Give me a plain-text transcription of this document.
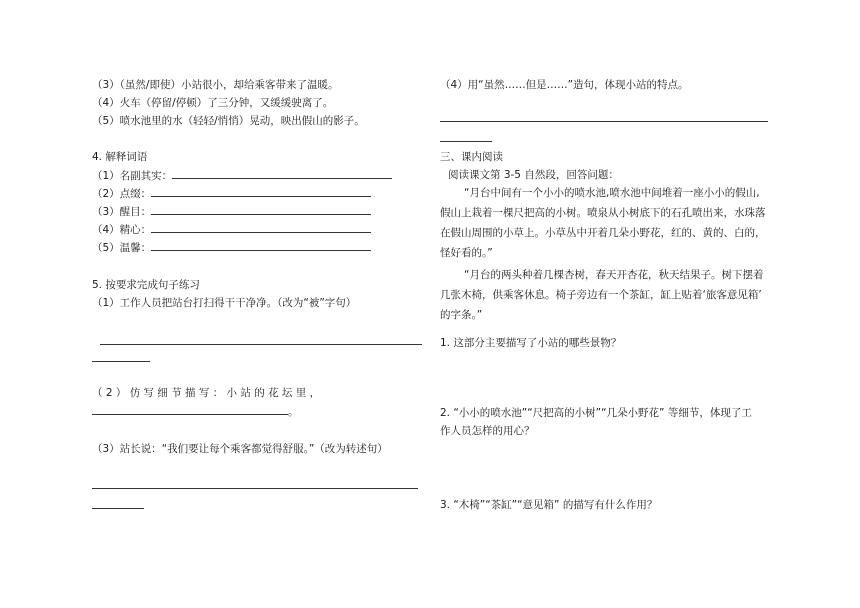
（3）（虽然/即使）小站很小，却给乘客带来了温暖。
（4）火车（停留/停顿）了三分钟，又缓缓驶离了。
（5）喷水池里的水（轻轻/悄悄）晃动，映出假山的影子。
4. 解释词语
（1）名副其实：
（2）点缀：
（3）醒目：
（4）精心：
（5）温馨：
5. 按要求完成句子练习
（1）工作人员把站台打扫得干干净净。（改为“被”字句）
（ 2 ） 仿 写 细 节 描 写 ： 小 站 的 花 坛 里 ，
。
（3）站长说：“我们要让每个乘客都觉得舒服。”（改为转述句）
（4）用“虽然……但是……”造句，体现小站的特点。
三、课内阅读
阅读课文第 3-5 自然段，回答问题：
“月台中间有一个小小的喷水池,喷水池中间堆着一座小小的假山,
假山上栽着一棵尺把高的小树。喷泉从小树底下的石孔喷出来，水珠落
在假山周围的小草上。小草丛中开着几朵小野花，红的、黄的、白的，
怪好看的。”
“月台的两头种着几棵杏树，春天开杏花，秋天结果子。树下摆着
几张木椅，供乘客休息。椅子旁边有一个茶缸，缸上贴着‘旅客意见箱’
的字条。”
1. 这部分主要描写了小站的哪些景物？
2. “小小的喷水池”“尺把高的小树”“几朵小野花” 等细节，体现了工
作人员怎样的用心？
3. “木椅”“茶缸”“意见箱” 的描写有什么作用？
